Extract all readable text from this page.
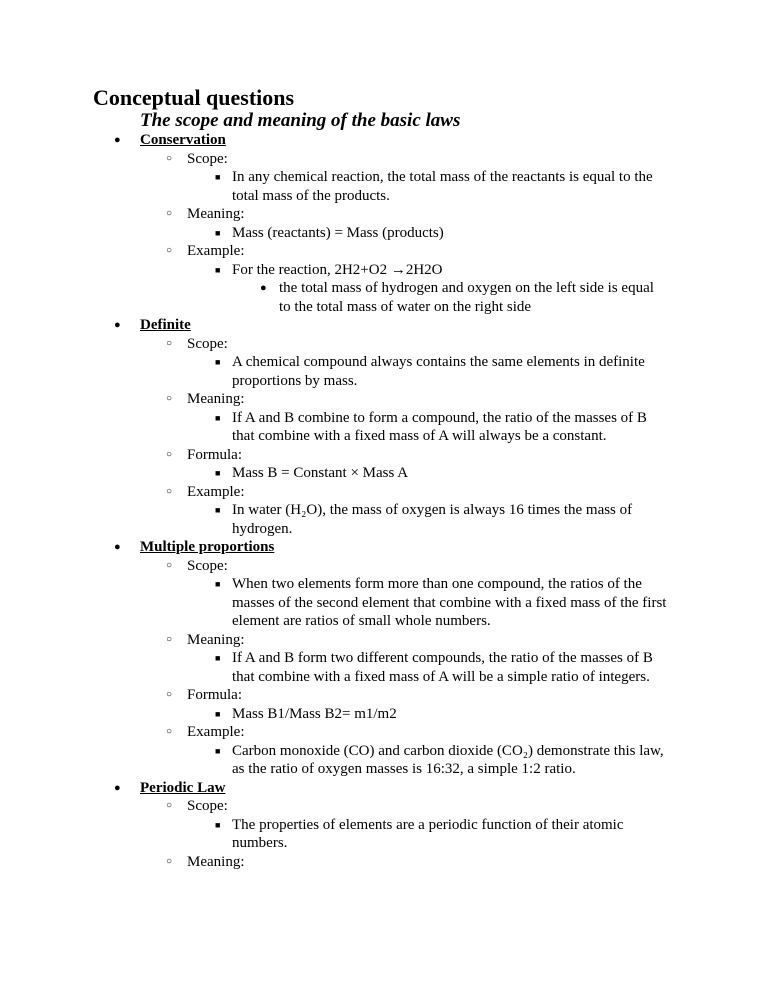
Conceptual questions
The scope and meaning of the basic laws
● Conservation
○ Scope:
■ In any chemical reaction, the total mass of the reactants is equal to the total mass of the products.
○ Meaning:
■ Mass (reactants) = Mass (products)
○ Example:
■ For the reaction, 2H2+O2 →2H2O
● the total mass of hydrogen and oxygen on the left side is equal to the total mass of water on the right side
● Definite
○ Scope:
■ A chemical compound always contains the same elements in definite proportions by mass.
○ Meaning:
■ If A and B combine to form a compound, the ratio of the masses of B that combine with a fixed mass of A will always be a constant.
○ Formula:
■ Mass B = Constant × Mass A
○ Example:
■ In water (H₂O), the mass of oxygen is always 16 times the mass of hydrogen.
● Multiple proportions
○ Scope:
■ When two elements form more than one compound, the ratios of the masses of the second element that combine with a fixed mass of the first element are ratios of small whole numbers.
○ Meaning:
■ If A and B form two different compounds, the ratio of the masses of B that combine with a fixed mass of A will be a simple ratio of integers.
○ Formula:
■ Mass B1/Mass B2= m1/m2
○ Example:
■ Carbon monoxide (CO) and carbon dioxide (CO₂) demonstrate this law, as the ratio of oxygen masses is 16:32, a simple 1:2 ratio.
● Periodic Law
○ Scope:
■ The properties of elements are a periodic function of their atomic numbers.
○ Meaning:
